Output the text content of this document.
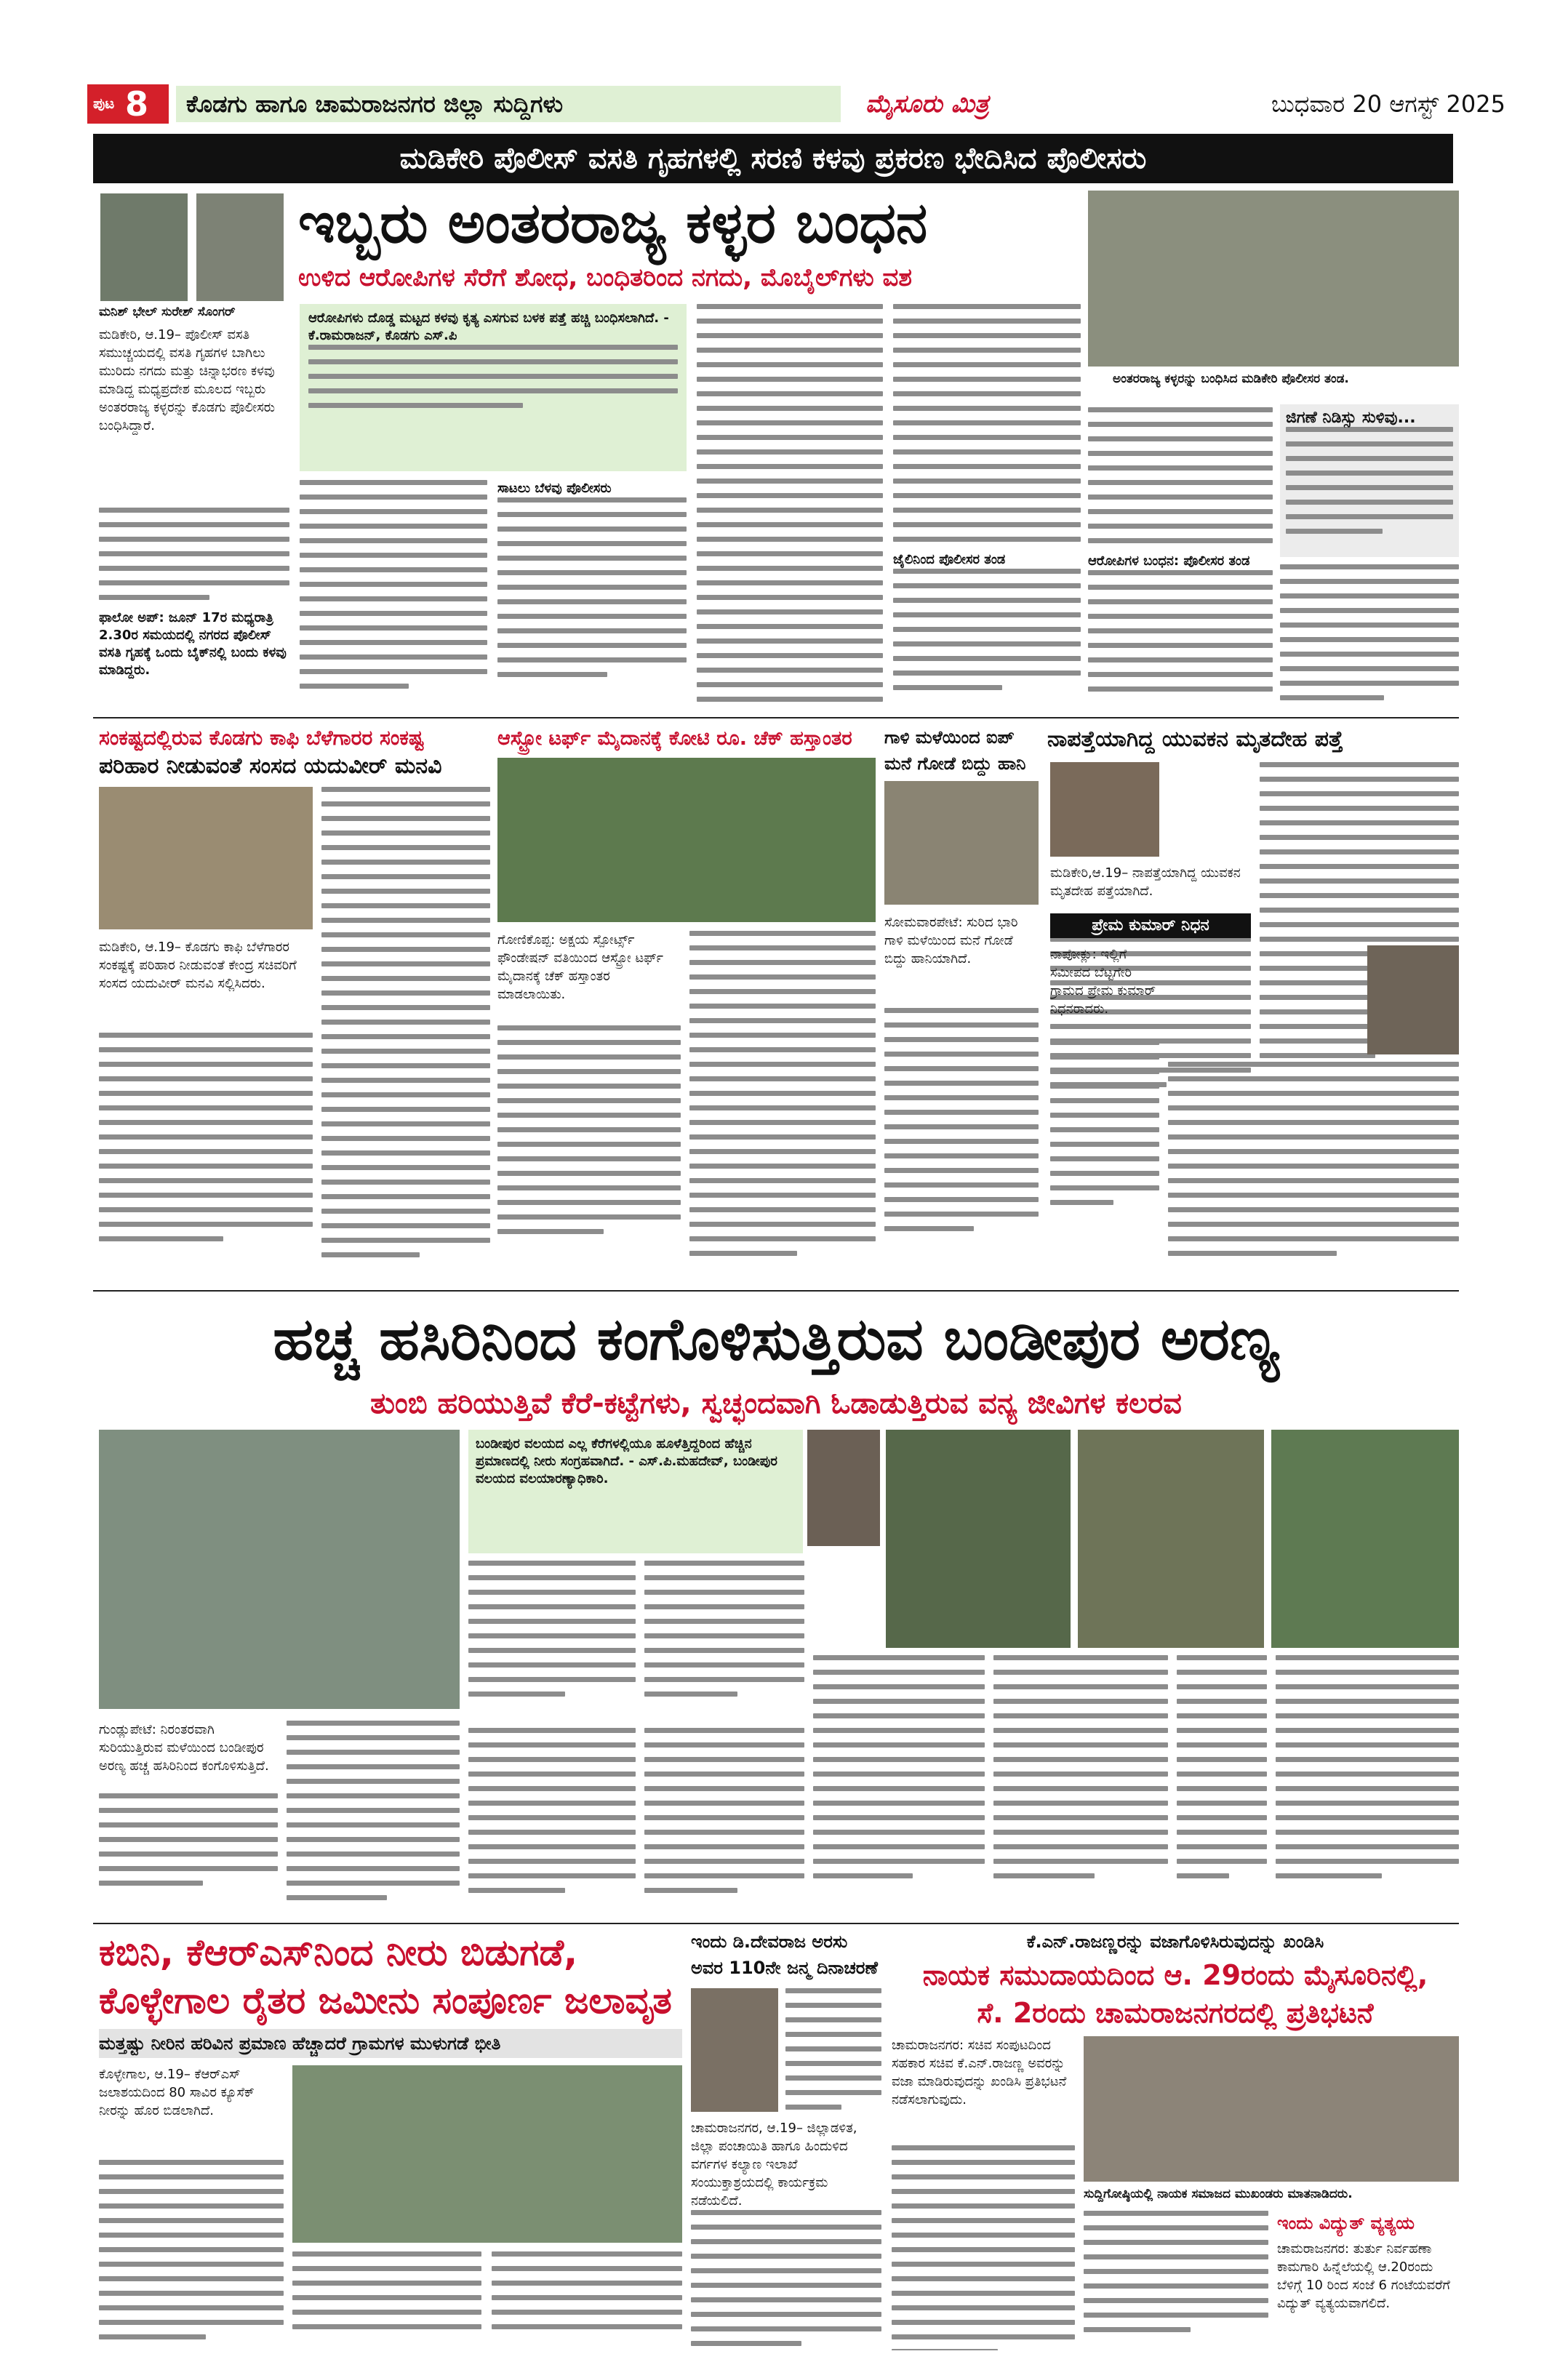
ಪುಟ 8	ಕೊಡಗು ಹಾಗೂ ಚಾಮರಾಜನಗರ ಜಿಲ್ಲಾ ಸುದ್ದಿಗಳು	ಮೈಸೂರು ಮಿತ್ರ	ಬುಧವಾರ 20 ಆಗಸ್ಟ್ 2025
ಮಡಿಕೇರಿ ಪೊಲೀಸ್ ವಸತಿ ಗೃಹಗಳಲ್ಲಿ ಸರಣಿ ಕಳವು ಪ್ರಕರಣ ಭೇದಿಸಿದ ಪೊಲೀಸರು
ಮನಿಶ್ ಭೇಲ್ ಸುರೇಶ್ ಸೊಂಗರ್
ಇಬ್ಬರು ಅಂತರರಾಜ್ಯ ಕಳ್ಳರ ಬಂಧನ
ಉಳಿದ ಆರೋಪಿಗಳ ಸೆರೆಗೆ ಶೋಧ, ಬಂಧಿತರಿಂದ ನಗದು, ಮೊಬೈಲ್‌ಗಳು ವಶ
ಅಂತರರಾಜ್ಯ ಕಳ್ಳರನ್ನು ಬಂಧಿಸಿದ ಮಡಿಕೇರಿ ಪೊಲೀಸರ ತಂಡ.
ಮಡಿಕೇರಿ, ಆ.19– ಪೊಲೀಸ್ ವಸತಿ ಸಮುಚ್ಚಯದಲ್ಲಿ ವಸತಿ ಗೃಹಗಳ ಬಾಗಿಲು ಮುರಿದು ನಗದು ಮತ್ತು ಚಿನ್ನಾಭರಣ ಕಳವು ಮಾಡಿದ್ದ ಮಧ್ಯಪ್ರದೇಶ ಮೂಲದ ಇಬ್ಬರು ಅಂತರರಾಜ್ಯ ಕಳ್ಳರನ್ನು ಕೊಡಗು ಪೊಲೀಸರು ಬಂಧಿಸಿದ್ದಾರೆ.
ಫಾಲೋ ಅಪ್: ಜೂನ್ 17ರ ಮಧ್ಯರಾತ್ರಿ 2.30ರ ಸಮಯದಲ್ಲಿ ನಗರದ ಪೊಲೀಸ್ ವಸತಿ ಗೃಹಕ್ಕೆ ಒಂದು ಬೈಕ್‌ನಲ್ಲಿ ಬಂದು ಕಳವು ಮಾಡಿದ್ದರು.
ಆರೋಪಿಗಳು ದೊಡ್ಡ ಮಟ್ಟದ ಕಳವು ಕೃತ್ಯ ಎಸಗುವ ಬಳಕ ಪತ್ತೆ ಹಚ್ಚಿ ಬಂಧಿಸಲಾಗಿದೆ. - ಕೆ.ರಾಮರಾಜನ್, ಕೊಡಗು ಎಸ್.ಪಿ
ಸಾಟಲು ಬೆಳವು ಪೊಲೀಸರು
ಜೈಲಿನಿಂದ ಪೊಲೀಸರ ತಂಡ	ಆರೋಪಿಗಳ ಬಂಧನ: ಪೊಲೀಸರ ತಂಡ
ಜಿಗಣೆ ನಿಡಿಸ್ಸು ಸುಳಿವು...
ಸಂಕಷ್ಟದಲ್ಲಿರುವ ಕೊಡಗು ಕಾಫಿ ಬೆಳೆಗಾರರ ಸಂಕಷ್ಟ
ಪರಿಹಾರ ನೀಡುವಂತೆ ಸಂಸದ ಯದುವೀರ್ ಮನವಿ
ಮಡಿಕೇರಿ, ಆ.19– ಕೊಡಗು ಕಾಫಿ ಬೆಳೆಗಾರರ ಸಂಕಷ್ಟಕ್ಕೆ ಪರಿಹಾರ ನೀಡುವಂತೆ ಕೇಂದ್ರ ಸಚಿವರಿಗೆ ಸಂಸದ ಯದುವೀರ್ ಮನವಿ ಸಲ್ಲಿಸಿದರು.
ಆಸ್ಟ್ರೋ ಟರ್ಫ್ ಮೈದಾನಕ್ಕೆ ಕೋಟಿ ರೂ. ಚೆಕ್ ಹಸ್ತಾಂತರ
ಗೋಣಿಕೊಪ್ಪ: ಅಕ್ಷಯ ಸ್ಪೋರ್ಟ್ಸ್ ಫೌಂಡೇಷನ್ ವತಿಯಿಂದ ಆಸ್ಟ್ರೋ ಟರ್ಫ್ ಮೈದಾನಕ್ಕೆ ಚೆಕ್ ಹಸ್ತಾಂತರ ಮಾಡಲಾಯಿತು.
ಗಾಳಿ ಮಳೆಯಿಂದ ಐಪ್
ಮನೆ ಗೋಡೆ ಬಿದ್ದು ಹಾನಿ
ಸೋಮವಾರಪೇಟೆ: ಸುರಿದ ಭಾರಿ ಗಾಳಿ ಮಳೆಯಿಂದ ಮನೆ ಗೋಡೆ ಬಿದ್ದು ಹಾನಿಯಾಗಿದೆ.
ನಾಪತ್ತೆಯಾಗಿದ್ದ ಯುವಕನ ಮೃತದೇಹ ಪತ್ತೆ
ಮಡಿಕೇರಿ,ಆ.19– ನಾಪತ್ತೆಯಾಗಿದ್ದ ಯುವಕನ ಮೃತದೇಹ ಪತ್ತೆಯಾಗಿದೆ.
ಪ್ರೇಮ ಕುಮಾರ್ ನಿಧನ
ನಾಪೋಕ್ಲು: ಇಲ್ಲಿಗೆ ಸಮೀಪದ ಬೆಟ್ಟಗೇರಿ ಗ್ರಾಮದ ಪ್ರೇಮ ಕುಮಾರ್ ನಿಧನರಾದರು.
ಹಚ್ಚ ಹಸಿರಿನಿಂದ ಕಂಗೊಳಿಸುತ್ತಿರುವ ಬಂಡೀಪುರ ಅರಣ್ಯ
ತುಂಬಿ ಹರಿಯುತ್ತಿವೆ ಕೆರೆ-ಕಟ್ಟೆಗಳು, ಸ್ವಚ್ಛಂದವಾಗಿ ಓಡಾಡುತ್ತಿರುವ ವನ್ಯ ಜೀವಿಗಳ ಕಲರವ
ಬಂಡೀಪುರ ವಲಯದ ಎಲ್ಲ ಕೆರೆಗಳಲ್ಲಿಯೂ ಹೂಳೆತ್ತಿದ್ದರಿಂದ ಹೆಚ್ಚಿನ ಪ್ರಮಾಣದಲ್ಲಿ ನೀರು ಸಂಗ್ರಹವಾಗಿದೆ. - ಎಸ್.ಪಿ.ಮಹದೇವ್, ಬಂಡೀಪುರ ವಲಯದ ವಲಯಾರಣ್ಯಾಧಿಕಾರಿ.
ಗುಂಡ್ಲುಪೇಟೆ: ನಿರಂತರವಾಗಿ ಸುರಿಯುತ್ತಿರುವ ಮಳೆಯಿಂದ ಬಂಡೀಪುರ ಅರಣ್ಯ ಹಚ್ಚ ಹಸಿರಿನಿಂದ ಕಂಗೊಳಿಸುತ್ತಿದೆ.
ಕಬಿನಿ, ಕೆಆರ್‌ಎಸ್‌ನಿಂದ ನೀರು ಬಿಡುಗಡೆ,
ಕೊಳ್ಳೇಗಾಲ ರೈತರ ಜಮೀನು ಸಂಪೂರ್ಣ ಜಲಾವೃತ
ಮತ್ತಷ್ಟು ನೀರಿನ ಹರಿವಿನ ಪ್ರಮಾಣ ಹೆಚ್ಚಾದರೆ ಗ್ರಾಮಗಳ ಮುಳುಗಡೆ ಭೀತಿ
ಕೊಳ್ಳೇಗಾಲ, ಆ.19– ಕೆಆರ್‌ಎಸ್ ಜಲಾಶಯದಿಂದ 80 ಸಾವಿರ ಕ್ಯೂಸೆಕ್ ನೀರನ್ನು ಹೊರ ಬಿಡಲಾಗಿದೆ.
ಇಂದು ಡಿ.ದೇವರಾಜ ಅರಸು
ಅವರ 110ನೇ ಜನ್ಮ ದಿನಾಚರಣೆ
ಚಾಮರಾಜನಗರ, ಆ.19– ಜಿಲ್ಲಾಡಳಿತ, ಜಿಲ್ಲಾ ಪಂಚಾಯಿತಿ ಹಾಗೂ ಹಿಂದುಳಿದ ವರ್ಗಗಳ ಕಲ್ಯಾಣ ಇಲಾಖೆ ಸಂಯುಕ್ತಾಶ್ರಯದಲ್ಲಿ ಕಾರ್ಯಕ್ರಮ ನಡೆಯಲಿದೆ.
ಕೆ.ಎನ್.ರಾಜಣ್ಣರನ್ನು ವಜಾಗೊಳಿಸಿರುವುದನ್ನು ಖಂಡಿಸಿ
ನಾಯಕ ಸಮುದಾಯದಿಂದ ಆ. 29ರಂದು ಮೈಸೂರಿನಲ್ಲಿ,
ಸೆ. 2ರಂದು ಚಾಮರಾಜನಗರದಲ್ಲಿ ಪ್ರತಿಭಟನೆ
ಚಾಮರಾಜನಗರ: ಸಚಿವ ಸಂಪುಟದಿಂದ ಸಹಕಾರ ಸಚಿವ ಕೆ.ಎನ್.ರಾಜಣ್ಣ ಅವರನ್ನು ವಜಾ ಮಾಡಿರುವುದನ್ನು ಖಂಡಿಸಿ ಪ್ರತಿಭಟನೆ ನಡೆಸಲಾಗುವುದು.
ಸುದ್ದಿಗೋಷ್ಠಿಯಲ್ಲಿ ನಾಯಕ ಸಮಾಜದ ಮುಖಂಡರು ಮಾತನಾಡಿದರು.
ಇಂದು ವಿದ್ಯುತ್ ವ್ಯತ್ಯಯ
ಚಾಮರಾಜನಗರ: ತುರ್ತು ನಿರ್ವಹಣಾ ಕಾಮಗಾರಿ ಹಿನ್ನೆಲೆಯಲ್ಲಿ ಆ.20ರಂದು ಬೆಳಿಗ್ಗೆ 10 ರಿಂದ ಸಂಜೆ 6 ಗಂಟೆಯವರೆಗೆ ವಿದ್ಯುತ್ ವ್ಯತ್ಯಯವಾಗಲಿದೆ.
